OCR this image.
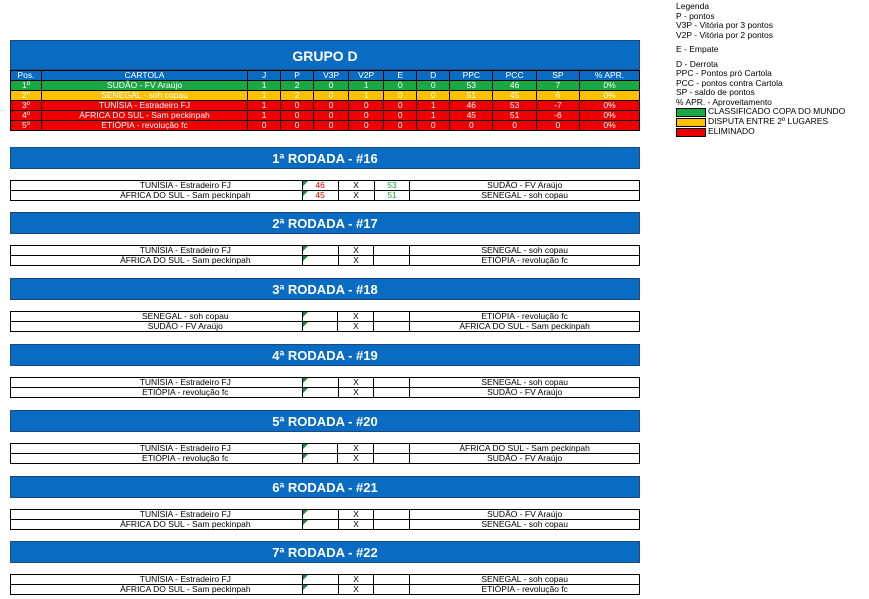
Legenda
P - pontos
V3P - Vitória por 3 pontos
V2P - Vitória por 2 pontos
E - Empate
D - Derrota
PPC - Pontos pró Cartola
PCC - pontos contra Cartola
SP - saldo de pontos
% APR. - Aproveitamento
CLASSIFICADO COPA DO MUNDO
DISPUTA ENTRE 2º LUGARES
ELIMINADO
GRUPO D
Pos.	CARTOLA	J	P	V3P	V2P	E	D	PPC	PCC	SP	% APR.
1º	SUDÃO - FV Araújo	1	2	0	1	0	0	53	46	7	0%
2º	SENEGAL - soh copau	1	2	0	1	0	0	51	45	6	0%
3º	TUNÍSIA - Estradeiro FJ	1	0	0	0	0	1	46	53	-7	0%
4º	ÁFRICA DO SUL - Sam peckinpah	1	0	0	0	0	1	45	51	-6	0%
5º	ETIÓPIA - revolução fc	0	0	0	0	0	0	0	0	0	0%
1ª RODADA - #16
TUNÍSIA - Estradeiro FJ	46	X	53	SUDÃO - FV Araújo
ÁFRICA DO SUL - Sam peckinpah	45	X	51	SENEGAL - soh copau
2ª RODADA - #17
TUNÍSIA - Estradeiro FJ		X		SENEGAL - soh copau
ÁFRICA DO SUL - Sam peckinpah		X		ETIÓPIA - revolução fc
3ª RODADA - #18
SENEGAL - soh copau		X		ETIÓPIA - revolução fc
SUDÃO - FV Araújo		X		ÁFRICA DO SUL - Sam peckinpah
4ª RODADA - #19
TUNÍSIA - Estradeiro FJ		X		SENEGAL - soh copau
ETIÓPIA - revolução fc		X		SUDÃO - FV Araújo
5ª RODADA - #20
TUNÍSIA - Estradeiro FJ		X		ÁFRICA DO SUL - Sam peckinpah
ETIÓPIA - revolução fc		X		SUDÃO - FV Araújo
6ª RODADA - #21
TUNÍSIA - Estradeiro FJ		X		SUDÃO - FV Araújo
ÁFRICA DO SUL - Sam peckinpah		X		SENEGAL - soh copau
7ª RODADA - #22
TUNÍSIA - Estradeiro FJ		X		SENEGAL - soh copau
ÁFRICA DO SUL - Sam peckinpah		X		ETIÓPIA - revolução fc
